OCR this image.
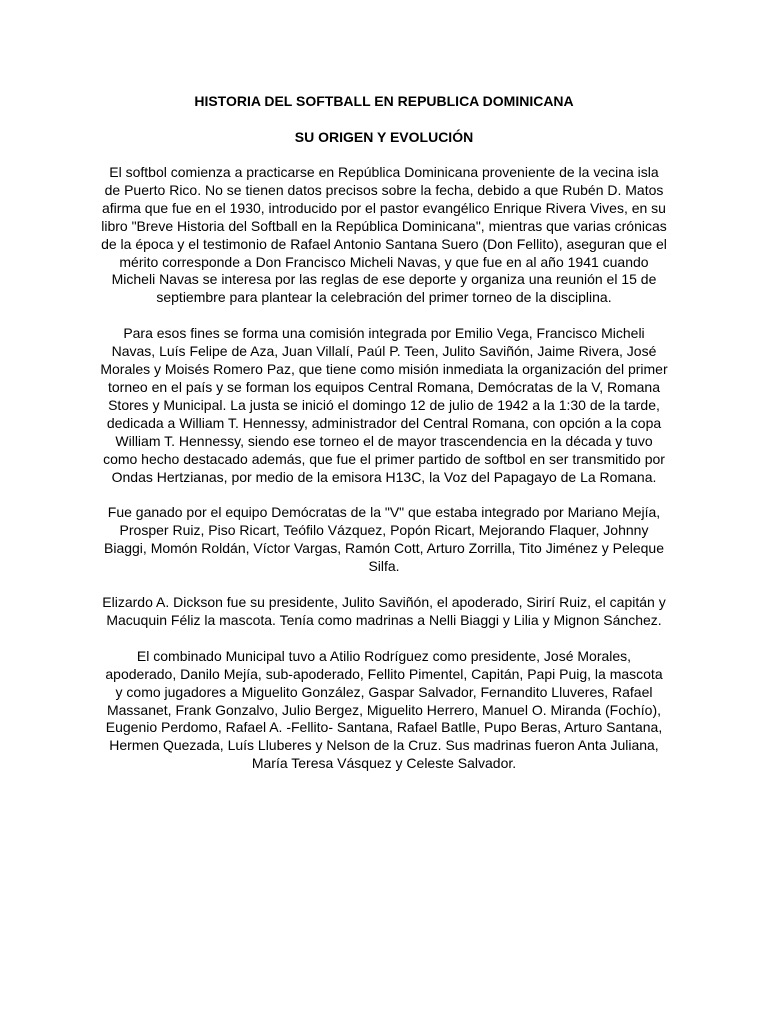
HISTORIA DEL SOFTBALL EN REPUBLICA DOMINICANA
SU ORIGEN Y EVOLUCIÓN

El softbol comienza a practicarse en República Dominicana proveniente de la vecina isla de Puerto Rico. No se tienen datos precisos sobre la fecha, debido a que Rubén D. Matos afirma que fue en el 1930, introducido por el pastor evangélico Enrique Rivera Vives, en su libro "Breve Historia del Softball en la República Dominicana", mientras que varias crónicas de la época y el testimonio de Rafael Antonio Santana Suero (Don Fellito), aseguran que el mérito corresponde a Don Francisco Micheli Navas, y que fue en al año 1941 cuando Micheli Navas se interesa por las reglas de ese deporte y organiza una reunión el 15 de septiembre para plantear la celebración del primer torneo de la disciplina.

Para esos fines se forma una comisión integrada por Emilio Vega, Francisco Micheli Navas, Luís Felipe de Aza, Juan Villalí, Paúl P. Teen, Julito Saviñón, Jaime Rivera, José Morales y Moisés Romero Paz, que tiene como misión inmediata la organización del primer torneo en el país y se forman los equipos Central Romana, Demócratas de la V, Romana Stores y Municipal. La justa se inició el domingo 12 de julio de 1942 a la 1:30 de la tarde, dedicada a William T. Hennessy, administrador del Central Romana, con opción a la copa William T. Hennessy, siendo ese torneo el de mayor trascendencia en la década y tuvo como hecho destacado además, que fue el primer partido de softbol en ser transmitido por Ondas Hertzianas, por medio de la emisora H13C, la Voz del Papagayo de La Romana.

Fue ganado por el equipo Demócratas de la "V" que estaba integrado por Mariano Mejía, Prosper Ruiz, Piso Ricart, Teófilo Vázquez, Popón Ricart, Mejorando Flaquer, Johnny Biaggi, Momón Roldán, Víctor Vargas, Ramón Cott, Arturo Zorrilla, Tito Jiménez y Peleque Silfa.

Elizardo A. Dickson fue su presidente, Julito Saviñón, el apoderado, Sirirí Ruiz, el capitán y Macuquin Féliz la mascota. Tenía como madrinas a Nelli Biaggi y Lilia y Mignon Sánchez.

El combinado Municipal tuvo a Atilio Rodríguez como presidente, José Morales, apoderado, Danilo Mejía, sub-apoderado, Fellito Pimentel, Capitán, Papi Puig, la mascota y como jugadores a Miguelito González, Gaspar Salvador, Fernandito Lluveres, Rafael Massanet, Frank Gonzalvo, Julio Bergez, Miguelito Herrero, Manuel O. Miranda (Fochío), Eugenio Perdomo, Rafael A. -Fellito- Santana, Rafael Batlle, Pupo Beras, Arturo Santana, Hermen Quezada, Luís Lluberes y Nelson de la Cruz. Sus madrinas fueron Anta Juliana, María Teresa Vásquez y Celeste Salvador.
